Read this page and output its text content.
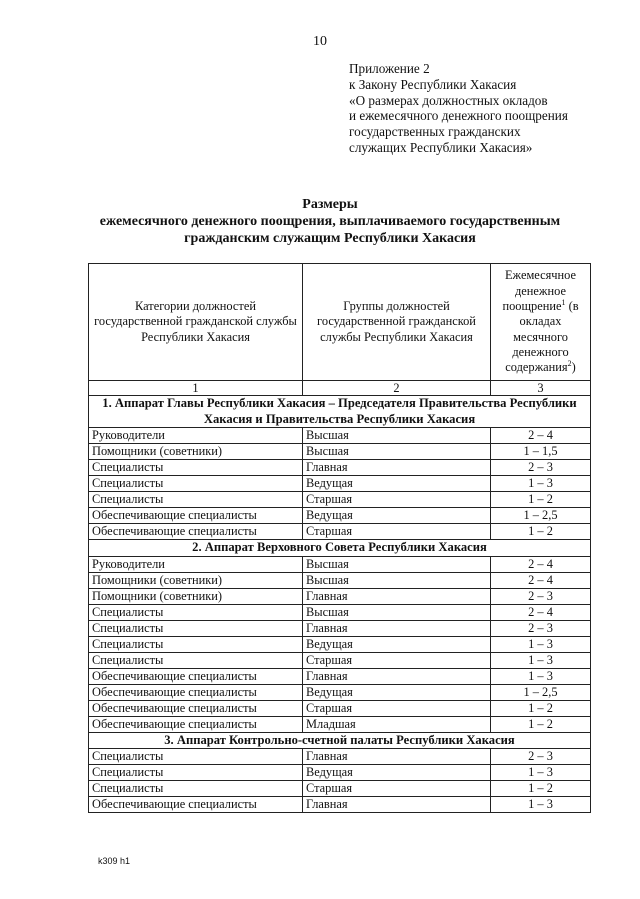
10
Приложение 2
к Закону Республики Хакасия
«О размерах должностных окладов
и ежемесячного денежного поощрения
государственных гражданских
служащих Республики Хакасия»
Размеры
ежемесячного денежного поощрения, выплачиваемого государственным
гражданским служащим Республики Хакасия
Категории должностей государственной гражданской службы Республики Хакасия	Группы должностей государственной гражданской службы Республики Хакасия	Ежемесячное денежное поощрение$^1$ (в окладах месячного денежного содержания$^2$)
1	2	3
1. Аппарат Главы Республики Хакасия – Председателя Правительства Республики Хакасия и Правительства Республики Хакасия		
Руководители	Высшая	2 – 4
Помощники (советники)	Высшая	1 – 1,5
Специалисты	Главная	2 – 3
Специалисты	Ведущая	1 – 3
Специалисты	Старшая	1 – 2
Обеспечивающие специалисты	Ведущая	1 – 2,5
Обеспечивающие специалисты	Старшая	1 – 2
2. Аппарат Верховного Совета Республики Хакасия		
Руководители	Высшая	2 – 4
Помощники (советники)	Высшая	2 – 4
Помощники (советники)	Главная	2 – 3
Специалисты	Высшая	2 – 4
Специалисты	Главная	2 – 3
Специалисты	Ведущая	1 – 3
Специалисты	Старшая	1 – 3
Обеспечивающие специалисты	Главная	1 – 3
Обеспечивающие специалисты	Ведущая	1 – 2,5
Обеспечивающие специалисты	Старшая	1 – 2
Обеспечивающие специалисты	Младшая	1 – 2
3. Аппарат Контрольно-счетной палаты Республики Хакасия		
Специалисты	Главная	2 – 3
Специалисты	Ведущая	1 – 3
Специалисты	Старшая	1 – 2
Обеспечивающие специалисты	Главная	1 – 3
k309 h1
